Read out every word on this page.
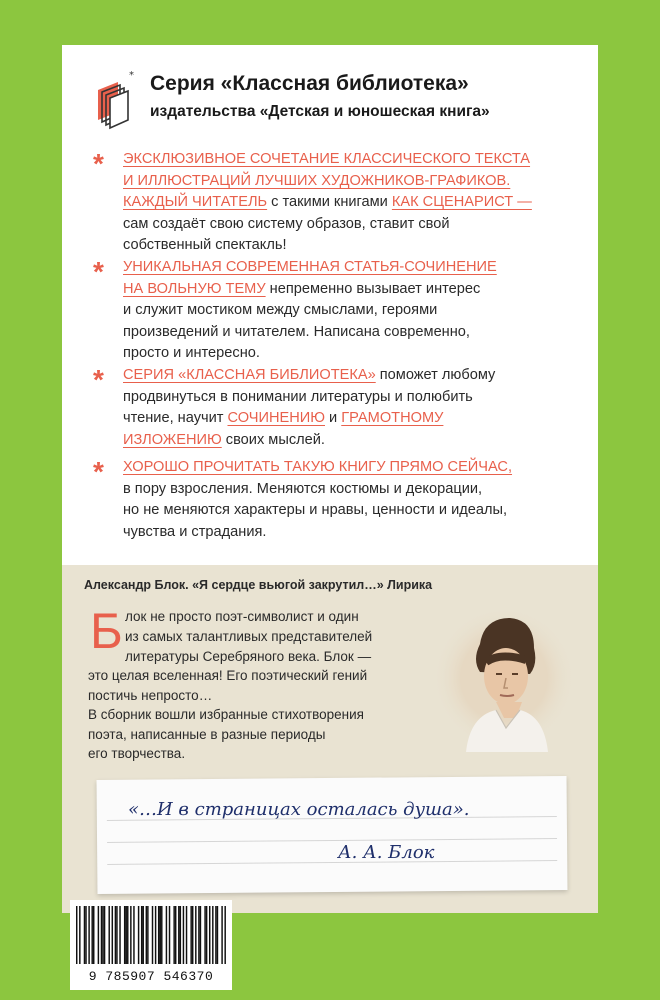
* Серия «Классная библиотека»
издательства «Детская и юношеская книга»
* ЭКСКЛЮЗИВНОЕ СОЧЕТАНИЕ КЛАССИЧЕСКОГО ТЕКСТА
И ИЛЛЮСТРАЦИЙ ЛУЧШИХ ХУДОЖНИКОВ-ГРАФИКОВ.
КАЖДЫЙ ЧИТАТЕЛЬ с такими книгами КАК СЦЕНАРИСТ —
сам создаёт свою систему образов, ставит свой
собственный спектакль!
* УНИКАЛЬНАЯ СОВРЕМЕННАЯ СТАТЬЯ-СОЧИНЕНИЕ
НА ВОЛЬНУЮ ТЕМУ непременно вызывает интерес
и служит мостиком между смыслами, героями
произведений и читателем. Написана современно,
просто и интересно.
* СЕРИЯ «КЛАССНАЯ БИБЛИОТЕКА» поможет любому
продвинуться в понимании литературы и полюбить
чтение, научит СОЧИНЕНИЮ и ГРАМОТНОМУ
ИЗЛОЖЕНИЮ своих мыслей.
* ХОРОШО ПРОЧИТАТЬ ТАКУЮ КНИГУ ПРЯМО СЕЙЧАС,
в пору взросления. Меняются костюмы и декорации,
но не меняются характеры и нравы, ценности и идеалы,
чувства и страдания.
Александр Блок. «Я сердце вьюгой закрутил…» Лирика
Б лок не просто поэт-символист и один
из самых талантливых представителей
литературы Серебряного века. Блок —
это целая вселенная! Его поэтический гений
постичь непросто…
В сборник вошли избранные стихотворения
поэта, написанные в разные периоды
его творчества.
«…И в страницах осталась душа».
А. А. Блок
9 785907 546370
